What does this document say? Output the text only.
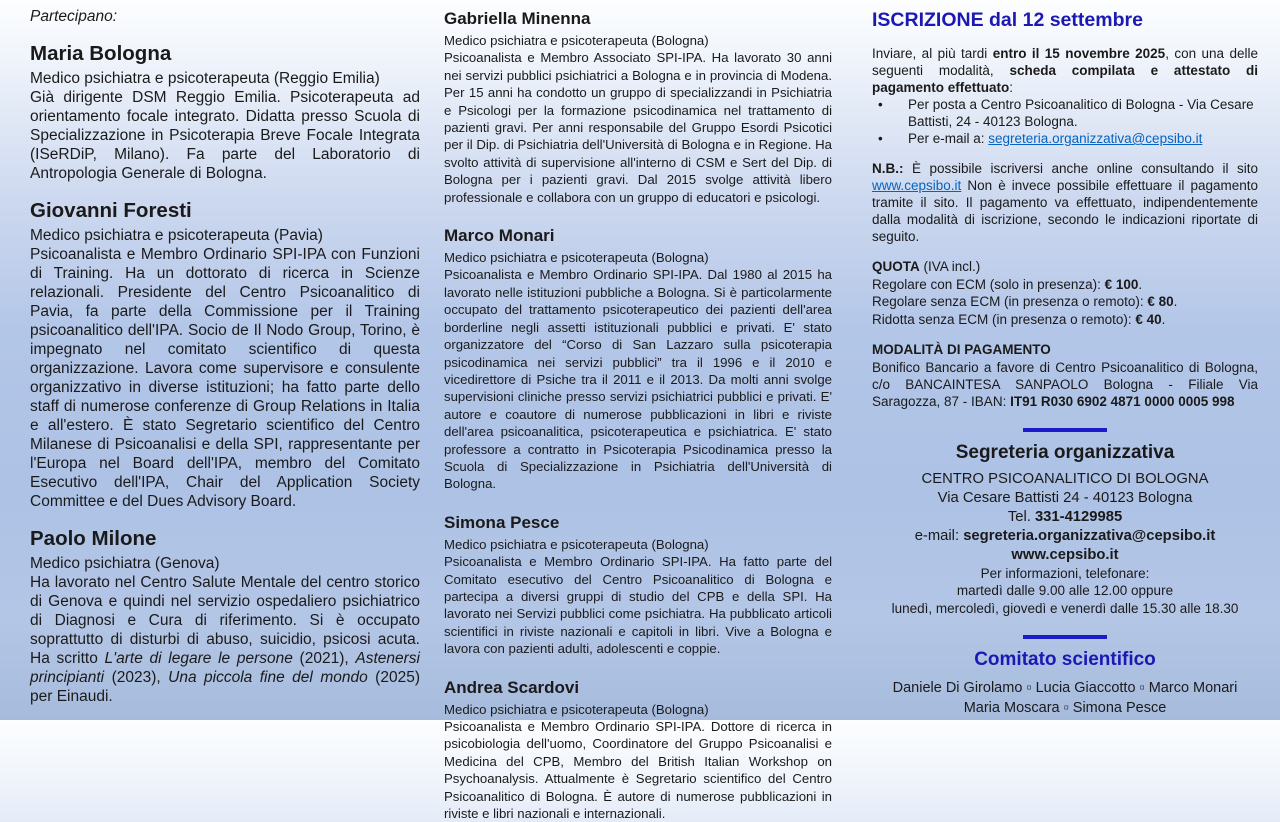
Partecipano:

Maria Bologna

Medico psichiatra e psicoterapeuta (Reggio Emilia)

Già dirigente DSM Reggio Emilia. Psicoterapeuta ad orientamento focale integrato. Didatta presso Scuola di Specializzazione in Psicoterapia Breve Focale Integrata (ISeRDiP, Milano). Fa parte del Laboratorio di Antropologia Generale di Bologna.

Giovanni Foresti

Medico psichiatra e psicoterapeuta (Pavia)

Psicoanalista e Membro Ordinario SPI-IPA con Funzioni di Training. Ha un dottorato di ricerca in Scienze relazionali. Presidente del Centro Psicoanalitico di Pavia, fa parte della Commissione per il Training psicoanalitico dell'IPA. Socio de Il Nodo Group, Torino, è impegnato nel comitato scientifico di questa organizzazione. Lavora come supervisore e consulente organizzativo in diverse istituzioni; ha fatto parte dello staff di numerose conferenze di Group Relations in Italia e all'estero. È stato Segretario scientifico del Centro Milanese di Psicoanalisi e della SPI, rappresentante per l'Europa nel Board dell'IPA, membro del Comitato Esecutivo dell'IPA, Chair del Application Society Committee e del Dues Advisory Board.

Paolo Milone

Medico psichiatra (Genova)

Ha lavorato nel Centro Salute Mentale del centro storico di Genova e quindi nel servizio ospedaliero psichiatrico di Diagnosi e Cura di riferimento. Si è occupato soprattutto di disturbi di abuso, suicidio, psicosi acuta. Ha scritto L'arte di legare le persone (2021), Astenersi principianti (2023), Una piccola fine del mondo (2025) per Einaudi.

Gabriella Minenna

Medico psichiatra e psicoterapeuta (Bologna)

Psicoanalista e Membro Associato SPI-IPA. Ha lavorato 30 anni nei servizi pubblici psichiatrici a Bologna e in provincia di Modena. Per 15 anni ha condotto un gruppo di specializzandi in Psichiatria e Psicologi per la formazione psicodinamica nel trattamento di pazienti gravi. Per anni responsabile del Gruppo Esordi Psicotici per il Dip. di Psichiatria dell'Università di Bologna e in Regione. Ha svolto attività di supervisione all'interno di CSM e Sert del Dip. di Bologna per i pazienti gravi. Dal 2015 svolge attività libero professionale e collabora con un gruppo di educatori e psicologi.

Marco Monari

Medico psichiatra e psicoterapeuta (Bologna)

Psicoanalista e Membro Ordinario SPI-IPA. Dal 1980 al 2015 ha lavorato nelle istituzioni pubbliche a Bologna. Si è particolarmente occupato del trattamento psicoterapeutico dei pazienti dell'area borderline negli assetti istituzionali pubblici e privati. E' stato organizzatore del “Corso di San Lazzaro sulla psicoterapia psicodinamica nei servizi pubblici” tra il 1996 e il 2010 e vicedirettore di Psiche tra il 2011 e il 2013. Da molti anni svolge supervisioni cliniche presso servizi psichiatrici pubblici e privati. E' autore e coautore di numerose pubblicazioni in libri e riviste dell'area psicoanalitica, psicoterapeutica e psichiatrica. E' stato professore a contratto in Psicoterapia Psicodinamica presso la Scuola di Specializzazione in Psichiatria dell'Università di Bologna.

Simona Pesce

Medico psichiatra e psicoterapeuta (Bologna)

Psicoanalista e Membro Ordinario SPI-IPA. Ha fatto parte del Comitato esecutivo del Centro Psicoanalitico di Bologna e partecipa a diversi gruppi di studio del CPB e della SPI. Ha lavorato nei Servizi pubblici come psichiatra. Ha pubblicato articoli scientifici in riviste nazionali e capitoli in libri. Vive a Bologna e lavora con pazienti adulti, adolescenti e coppie.

Andrea Scardovi

Medico psichiatra e psicoterapeuta (Bologna)

Psicoanalista e Membro Ordinario SPI-IPA. Dottore di ricerca in psicobiologia dell'uomo, Coordinatore del Gruppo Psicoanalisi e Medicina del CPB, Membro del British Italian Workshop on Psychoanalysis. Attualmente è Segretario scientifico del Centro Psicoanalitico di Bologna. È autore di numerose pubblicazioni in riviste e libri nazionali e internazionali.

ISCRIZIONE dal 12 settembre

Inviare, al più tardi entro il 15 novembre 2025, con una delle seguenti modalità, scheda compilata e attestato di pagamento effettuato:

•	Per posta a Centro Psicoanalitico di Bologna - Via Cesare Battisti, 24 - 40123 Bologna.
•	Per e-mail a: segreteria.organizzativa@cepsibo.it

N.B.: È possibile iscriversi anche online consultando il sito www.cepsibo.it Non è invece possibile effettuare il pagamento tramite il sito. Il pagamento va effettuato, indipendentemente dalla modalità di iscrizione, secondo le indicazioni riportate di seguito.

QUOTA (IVA incl.)

Regolare con ECM (solo in presenza): € 100.

Regolare senza ECM (in presenza o remoto): € 80.

Ridotta senza ECM (in presenza o remoto): € 40.

MODALITÀ DI PAGAMENTO

Bonifico Bancario a favore di Centro Psicoanalitico di Bologna, c/o BANCAINTESA SANPAOLO Bologna - Filiale Via Saragozza, 87 - IBAN: IT91 R030 6902 4871 0000 0005 998

Segreteria organizzativa

CENTRO PSICOANALITICO DI BOLOGNA

Via Cesare Battisti 24 - 40123 Bologna

Tel. 331-4129985

e-mail: segreteria.organizzativa@cepsibo.it

www.cepsibo.it

Per informazioni, telefonare:

martedì dalle 9.00 alle 12.00 oppure

lunedì, mercoledì, giovedì e venerdì dalle 15.30 alle 18.30

Comitato scientifico

Daniele Di Girolamo ▫ Lucia Giaccotto ▫ Marco Monari

Maria Moscara ▫ Simona Pesce
